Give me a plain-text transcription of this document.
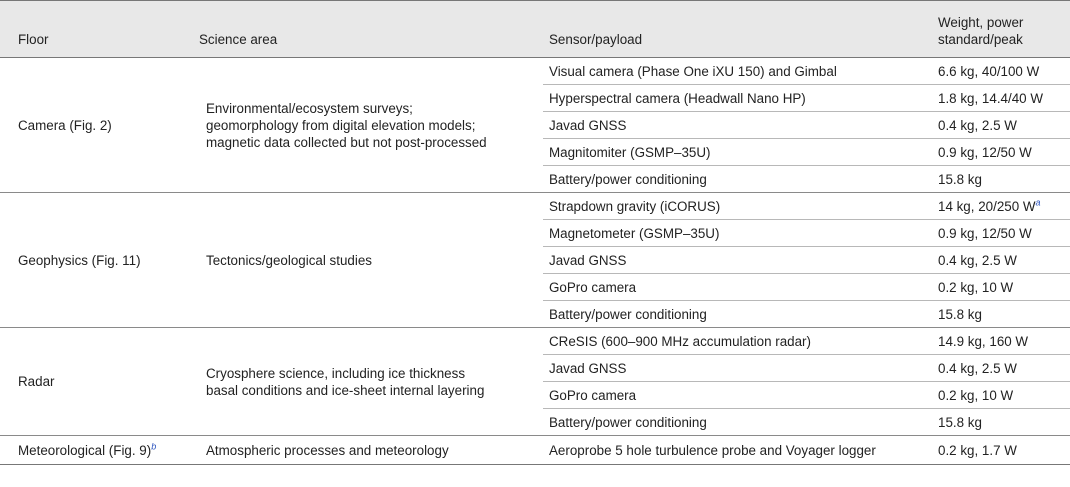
Floor	Science area	Sensor/payload	Weight, power
standard/peak
Camera (Fig. 2)	Environmental/ecosystem surveys;
geomorphology from digital elevation models;
magnetic data collected but not post-processed	Visual camera (Phase One iXU 150) and Gimbal	6.6 kg, 40/100 W
		Hyperspectral camera (Headwall Nano HP)	1.8 kg, 14.4/40 W
		Javad GNSS	0.4 kg, 2.5 W
		Magnitomiter (GSMP–35U)	0.9 kg, 12/50 W
		Battery/power conditioning	15.8 kg
Geophysics (Fig. 11)	Tectonics/geological studies	Strapdown gravity (iCORUS)	14 kg, 20/250 W$^a$
		Magnetometer (GSMP–35U)	0.9 kg, 12/50 W
		Javad GNSS	0.4 kg, 2.5 W
		GoPro camera	0.2 kg, 10 W
		Battery/power conditioning	15.8 kg
Radar	Cryosphere science, including ice thickness
basal conditions and ice-sheet internal layering	CReSIS (600–900 MHz accumulation radar)	14.9 kg, 160 W
		Javad GNSS	0.4 kg, 2.5 W
		GoPro camera	0.2 kg, 10 W
		Battery/power conditioning	15.8 kg
Meteorological (Fig. 9)$^b$	Atmospheric processes and meteorology	Aeroprobe 5 hole turbulence probe and Voyager logger	0.2 kg, 1.7 W
